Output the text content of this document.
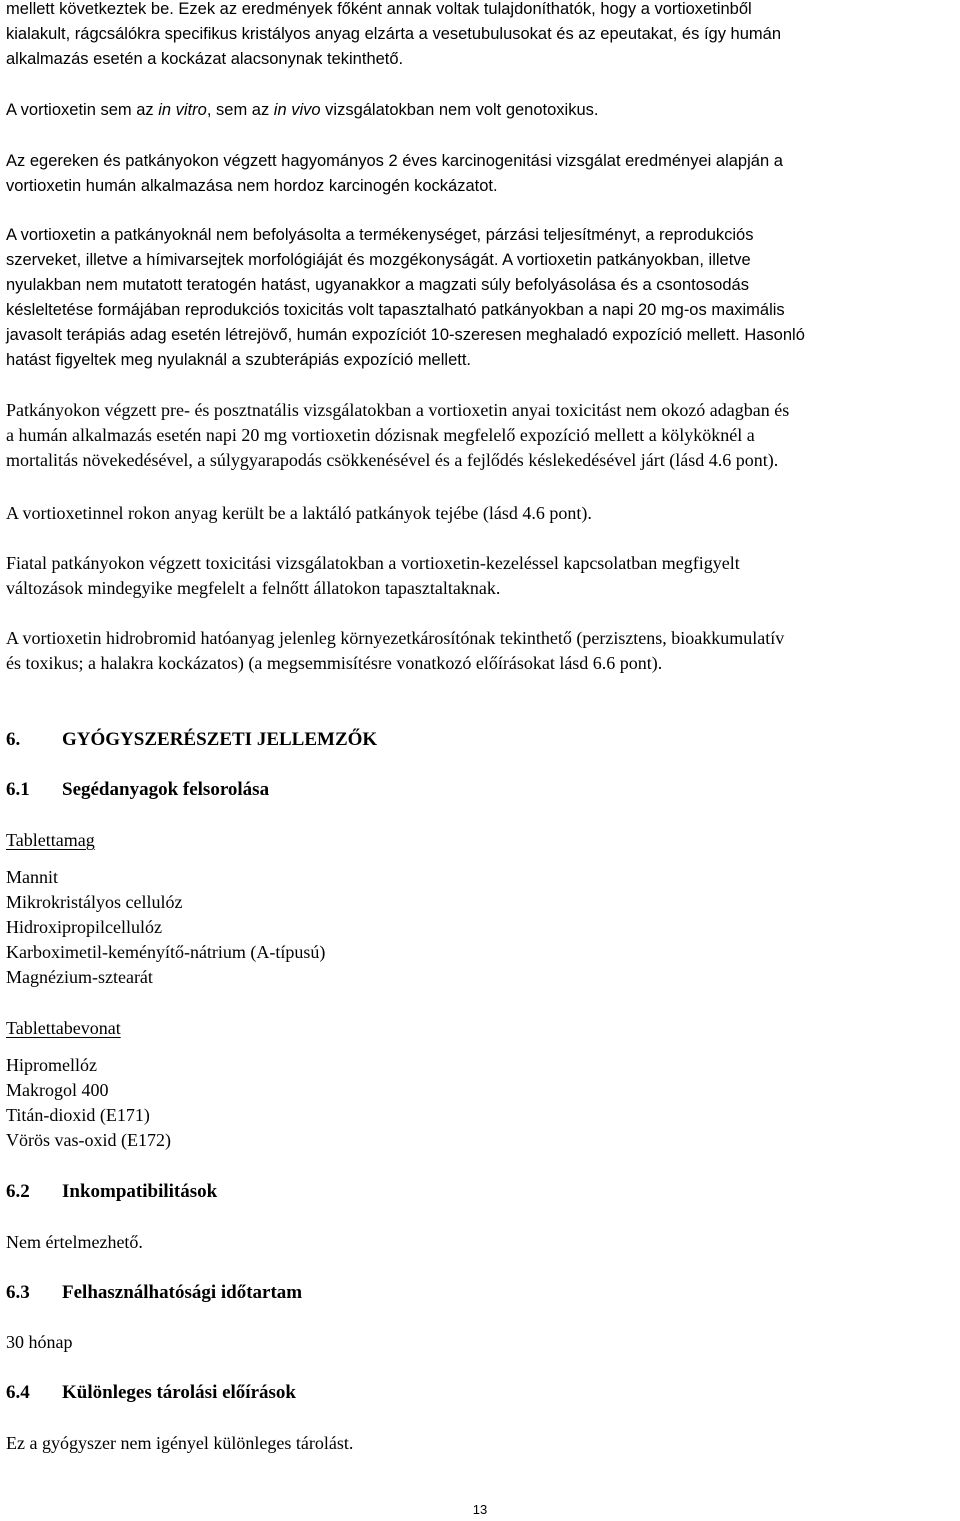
mellett következtek be. Ezek az eredmények főként annak voltak tulajdoníthatók, hogy a vortioxetinből
kialakult, rágcsálókra specifikus kristályos anyag elzárta a vesetubulusokat és az epeutakat, és így humán
alkalmazás esetén a kockázat alacsonynak tekinthető.
A vortioxetin sem az in vitro, sem az in vivo vizsgálatokban nem volt genotoxikus.
Az egereken és patkányokon végzett hagyományos 2 éves karcinogenitási vizsgálat eredményei alapján a
vortioxetin humán alkalmazása nem hordoz karcinogén kockázatot.
A vortioxetin a patkányoknál nem befolyásolta a termékenységet, párzási teljesítményt, a reprodukciós
szerveket, illetve a hímivarsejtek morfológiáját és mozgékonyságát. A vortioxetin patkányokban, illetve
nyulakban nem mutatott teratogén hatást, ugyanakkor a magzati súly befolyásolása és a csontosodás
késleltetése formájában reprodukciós toxicitás volt tapasztalható patkányokban a napi 20 mg-os maximális
javasolt terápiás adag esetén létrejövő, humán expozíciót 10-szeresen meghaladó expozíció mellett. Hasonló
hatást figyeltek meg nyulaknál a szubterápiás expozíció mellett.
Patkányokon végzett pre- és posztnatális vizsgálatokban a vortioxetin anyai toxicitást nem okozó adagban és
a humán alkalmazás esetén napi 20 mg vortioxetin dózisnak megfelelő expozíció mellett a kölyköknél a
mortalitás növekedésével, a súlygyarapodás csökkenésével és a fejlődés késlekedésével járt (lásd 4.6 pont).
A vortioxetinnel rokon anyag került be a laktáló patkányok tejébe (lásd 4.6 pont).
Fiatal patkányokon végzett toxicitási vizsgálatokban a vortioxetin-kezeléssel kapcsolatban megfigyelt
változások mindegyike megfelelt a felnőtt állatokon tapasztaltaknak.
A vortioxetin hidrobromid hatóanyag jelenleg környezetkárosítónak tekinthető (perzisztens, bioakkumulatív
és toxikus; a halakra kockázatos) (a megsemmisítésre vonatkozó előírásokat lásd 6.6 pont).
6. GYÓGYSZERÉSZETI JELLEMZŐK
6.1 Segédanyagok felsorolása
Tablettamag
Mannit
Mikrokristályos cellulóz
Hidroxipropilcellulóz
Karboximetil-keményítő-nátrium (A-típusú)
Magnézium-sztearát
Tablettabevonat
Hipromellóz
Makrogol 400
Titán-dioxid (E171)
Vörös vas-oxid (E172)
6.2 Inkompatibilitások
Nem értelmezhető.
6.3 Felhasználhatósági időtartam
30 hónap
6.4 Különleges tárolási előírások
Ez a gyógyszer nem igényel különleges tárolást.
13
